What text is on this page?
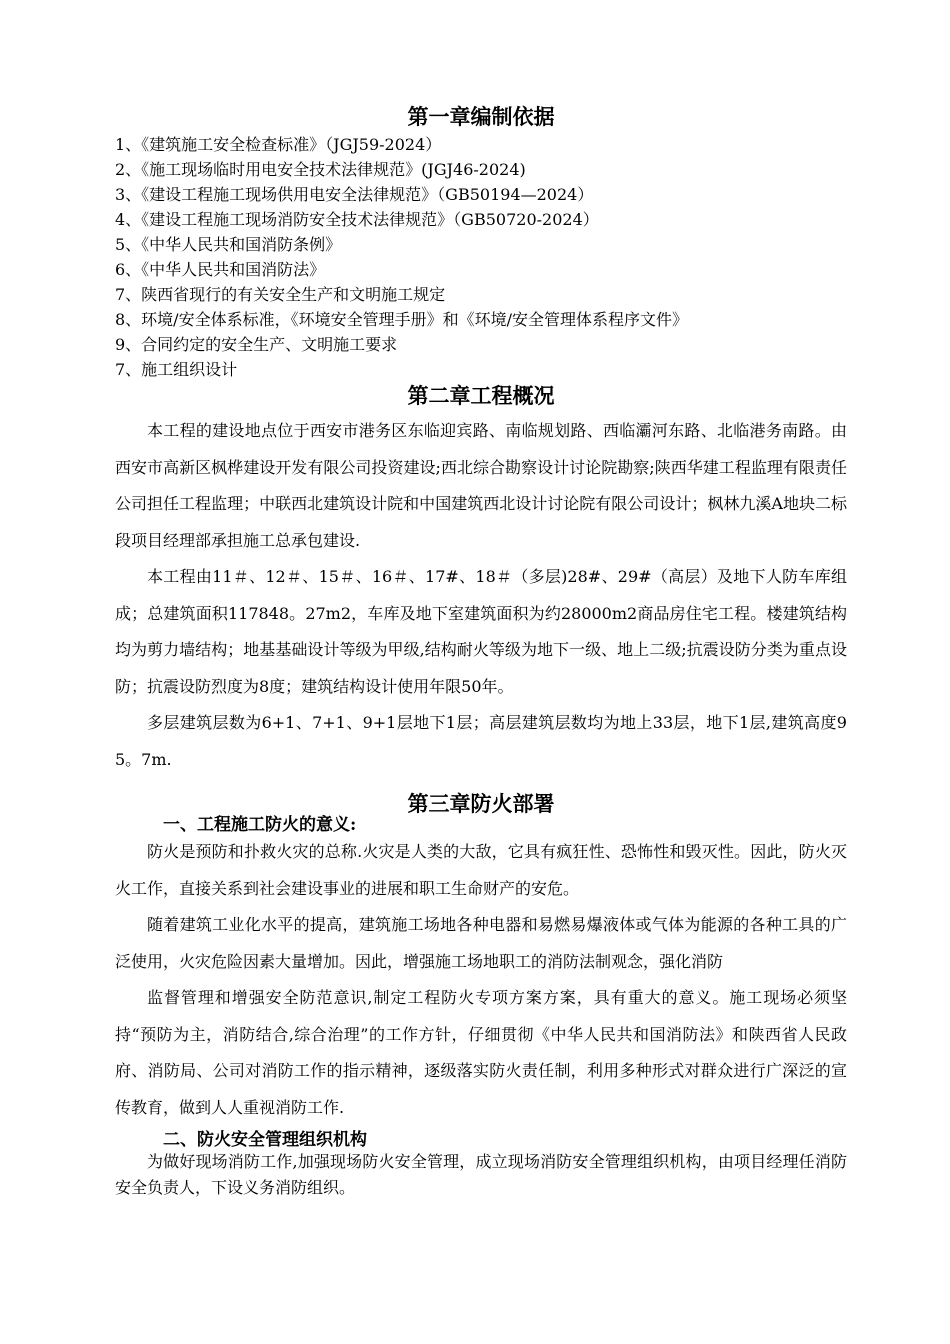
第一章编制依据
1、《建筑施工安全检查标准》（JGJ59-2024）
2、《施工现场临时用电安全技术法律规范》(JGJ46-2024)
3、《建设工程施工现场供用电安全法律规范》（GB50194—2024）
4、《建设工程施工现场消防安全技术法律规范》（GB50720-2024）
5、《中华人民共和国消防条例》
6、《中华人民共和国消防法》
7、陕西省现行的有关安全生产和文明施工规定
8、环境/安全体系标准，《环境安全管理手册》和《环境/安全管理体系程序文件》
9、合同约定的安全生产、文明施工要求
7、施工组织设计
第二章工程概况

本工程的建设地点位于西安市港务区东临迎宾路、南临规划路、西临灞河东路、北临港务南路。由西安市高新区枫桦建设开发有限公司投资建设;西北综合勘察设计讨论院勘察;陕西华建工程监理有限责任公司担任工程监理；中联西北建筑设计院和中国建筑西北设计讨论院有限公司设计；枫林九溪A地块二标段项目经理部承担施工总承包建设.

本工程由11＃、12＃、15＃、16＃、17#、18＃（多层)28#、29#（高层）及地下人防车库组成；总建筑面积117848。27m2，车库及地下室建筑面积为约28000m2商品房住宅工程。楼建筑结构均为剪力墙结构；地基基础设计等级为甲级,结构耐火等级为地下一级、地上二级;抗震设防分类为重点设防；抗震设防烈度为8度；建筑结构设计使用年限50年。

多层建筑层数为6+1、7+1、9+1层地下1层；高层建筑层数均为地上33层，地下1层,建筑高度95。7m.

第三章防火部署
一、工程施工防火的意义:

防火是预防和扑救火灾的总称.火灾是人类的大敌，它具有疯狂性、恐怖性和毁灭性。因此，防火灭火工作，直接关系到社会建设事业的进展和职工生命财产的安危。

随着建筑工业化水平的提高，建筑施工场地各种电器和易燃易爆液体或气体为能源的各种工具的广泛使用，火灾危险因素大量增加。因此，增强施工场地职工的消防法制观念，强化消防

监督管理和增强安全防范意识,制定工程防火专项方案方案，具有重大的意义。施工现场必须坚持“预防为主，消防结合,综合治理”的工作方针，仔细贯彻《中华人民共和国消防法》和陕西省人民政府、消防局、公司对消防工作的指示精神，逐级落实防火责任制，利用多种形式对群众进行广深泛的宣传教育，做到人人重视消防工作.

二、防火安全管理组织机构

为做好现场消防工作,加强现场防火安全管理，成立现场消防安全管理组织机构，由项目经理任消防安全负责人，下设义务消防组织。
